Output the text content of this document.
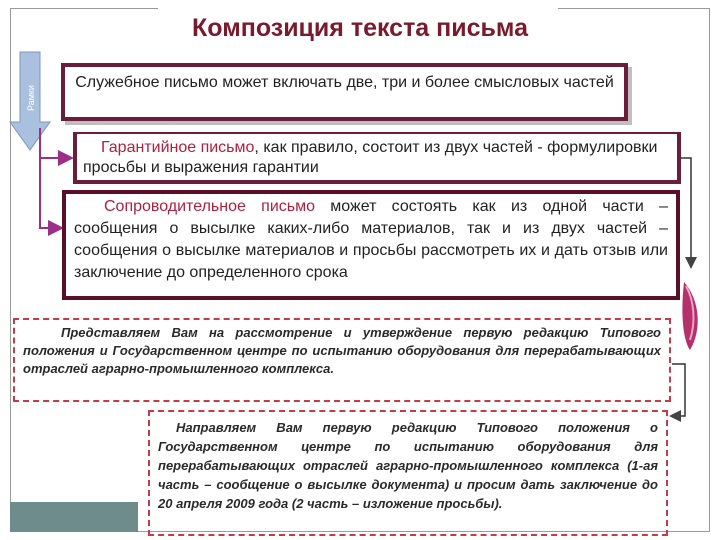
Композиция текста письма
Рамки
Служебное письмо может включать две, три и более смысловых частей
Гарантийное письмо, как правило, состоит из двух частей - формулировки просьбы и выражения гарантии
Сопроводительное письмо может состоять как из одной части – сообщения о высылке каких-либо материалов, так и из двух частей – сообщения о высылке материалов и просьбы рассмотреть их и дать отзыв или заключение до определенного срока
Представляем Вам на рассмотрение и утверждение первую редакцию Типового положения и Государственном центре по испытанию оборудования для перерабатывающих отраслей аграрно-промышленного комплекса.
Направляем Вам первую редакцию Типового положения о Государственном центре по испытанию оборудования для перерабатывающих отраслей аграрно-промышленного комплекса (1-ая часть – сообщение о высылке документа) и просим дать заключение до 20 апреля 2009 года (2 часть – изложение просьбы).
